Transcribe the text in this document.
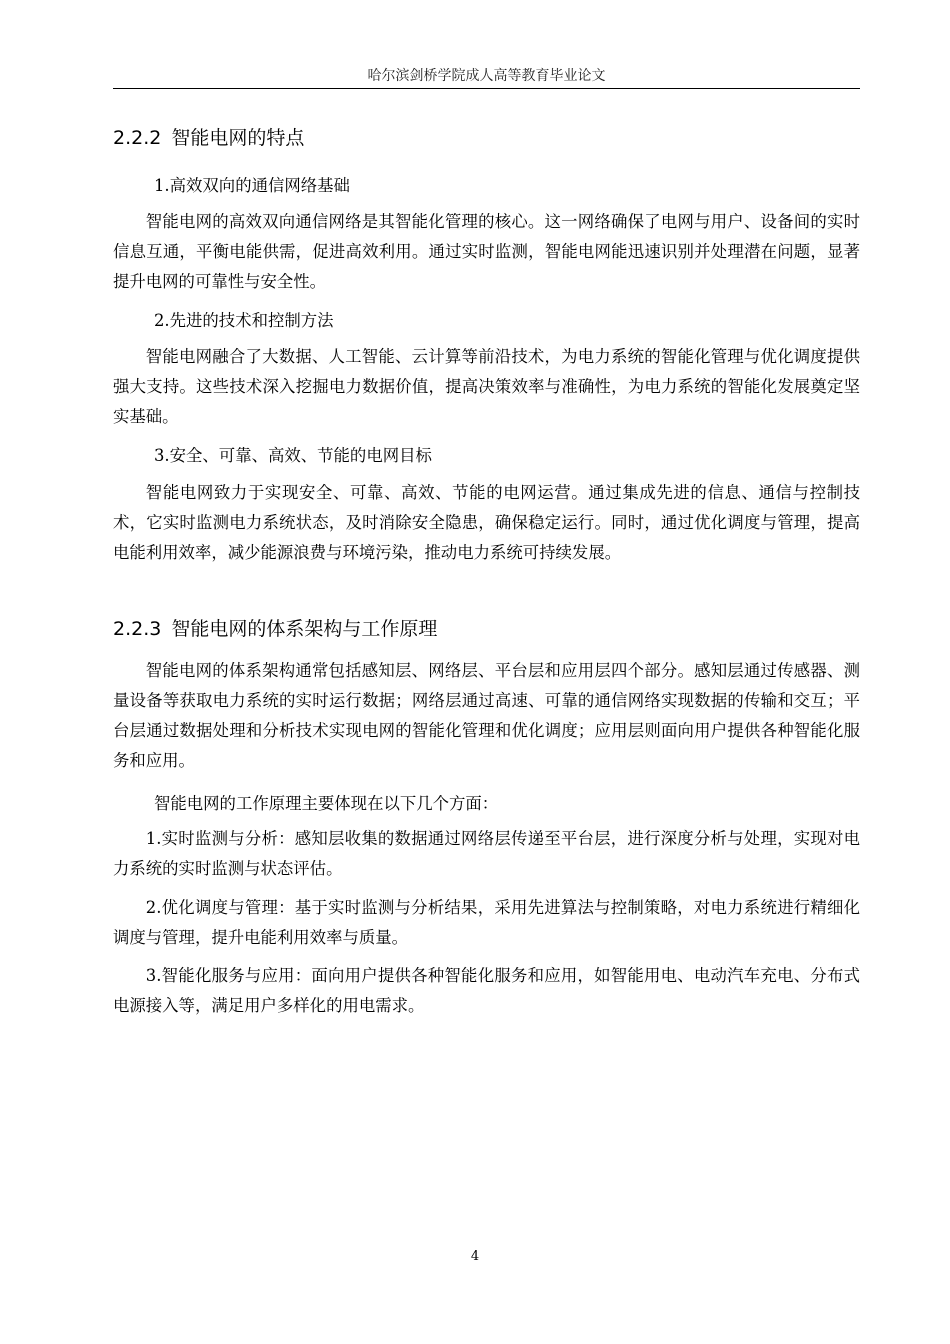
哈尔滨剑桥学院成人高等教育毕业论文
2.2.2 智能电网的特点

1.高效双向的通信网络基础

智能电网的高效双向通信网络是其智能化管理的核心。这一网络确保了电网与用户、设备间的实时信息互通，平衡电能供需，促进高效利用。通过实时监测，智能电网能迅速识别并处理潜在问题，显著提升电网的可靠性与安全性。

2.先进的技术和控制方法

智能电网融合了大数据、人工智能、云计算等前沿技术，为电力系统的智能化管理与优化调度提供强大支持。这些技术深入挖掘电力数据价值，提高决策效率与准确性，为电力系统的智能化发展奠定坚实基础。

3.安全、可靠、高效、节能的电网目标

智能电网致力于实现安全、可靠、高效、节能的电网运营。通过集成先进的信息、通信与控制技术，它实时监测电力系统状态，及时消除安全隐患，确保稳定运行。同时，通过优化调度与管理，提高电能利用效率，减少能源浪费与环境污染，推动电力系统可持续发展。

2.2.3 智能电网的体系架构与工作原理

智能电网的体系架构通常包括感知层、网络层、平台层和应用层四个部分。感知层通过传感器、测量设备等获取电力系统的实时运行数据；网络层通过高速、可靠的通信网络实现数据的传输和交互；平台层通过数据处理和分析技术实现电网的智能化管理和优化调度；应用层则面向用户提供各种智能化服务和应用。

智能电网的工作原理主要体现在以下几个方面：

1.实时监测与分析：感知层收集的数据通过网络层传递至平台层，进行深度分析与处理，实现对电力系统的实时监测与状态评估。

2.优化调度与管理：基于实时监测与分析结果，采用先进算法与控制策略，对电力系统进行精细化调度与管理，提升电能利用效率与质量。

3.智能化服务与应用：面向用户提供各种智能化服务和应用，如智能用电、电动汽车充电、分布式电源接入等，满足用户多样化的用电需求。

4
